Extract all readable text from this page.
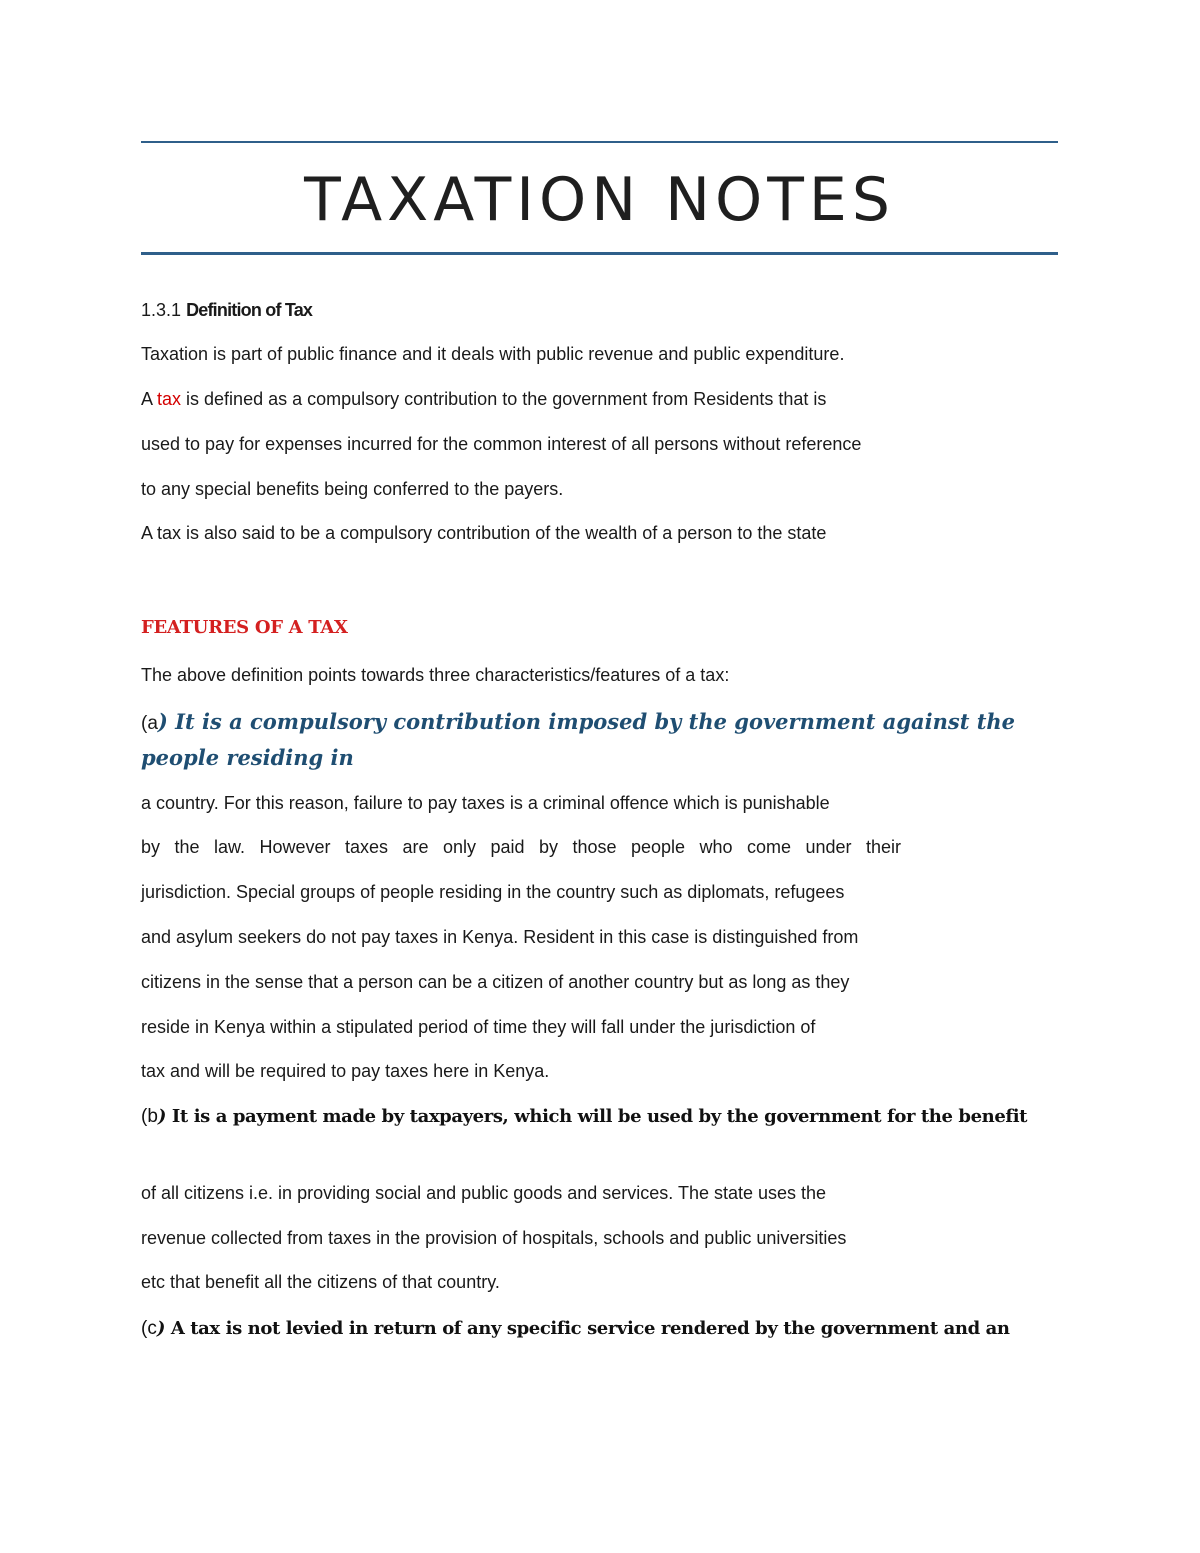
TAXATION NOTES

1.3.1 Definition of Tax

Taxation is part of public finance and it deals with public revenue and public expenditure.

A tax is defined as a compulsory contribution to the government from Residents that is

used to pay for expenses incurred for the common interest of all persons without reference

to any special benefits being conferred to the payers.

A tax is also said to be a compulsory contribution of the wealth of a person to the state

FEATURES OF A TAX

The above definition points towards three characteristics/features of a tax:

(a) It is a compulsory contribution imposed by the government against the people residing in

a country. For this reason, failure to pay taxes is a criminal offence which is punishable

by the law. However taxes are only paid by those people who come under their

jurisdiction. Special groups of people residing in the country such as diplomats, refugees

and asylum seekers do not pay taxes in Kenya. Resident in this case is distinguished from

citizens in the sense that a person can be a citizen of another country but as long as they

reside in Kenya within a stipulated period of time they will fall under the jurisdiction of

tax and will be required to pay taxes here in Kenya.

(b) It is a payment made by taxpayers, which will be used by the government for the benefit

of all citizens i.e. in providing social and public goods and services. The state uses the

revenue collected from taxes in the provision of hospitals, schools and public universities

etc that benefit all the citizens of that country.

(c) A tax is not levied in return of any specific service rendered by the government and an
